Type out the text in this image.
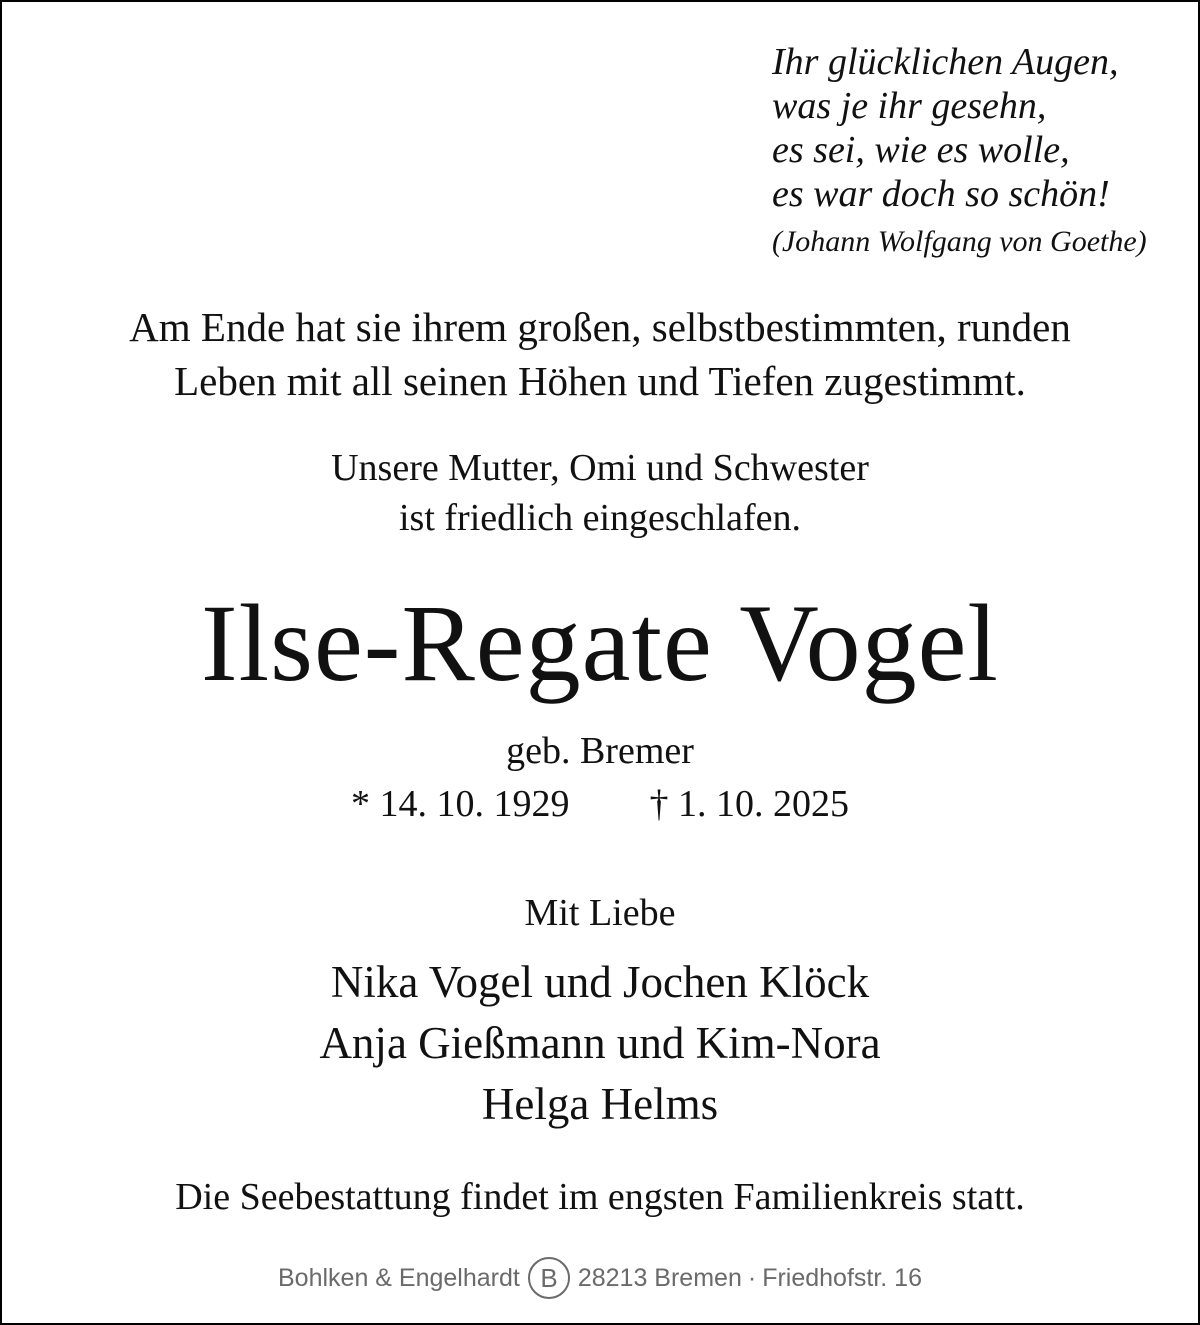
Ihr glücklichen Augen,
was je ihr gesehn,
es sei, wie es wolle,
es war doch so schön!
(Johann Wolfgang von Goethe)
Am Ende hat sie ihrem großen, selbstbestimmten, runden
Leben mit all seinen Höhen und Tiefen zugestimmt.
Unsere Mutter, Omi und Schwester
ist friedlich eingeschlafen.
Ilse-Regate Vogel
geb. Bremer
* 14. 10. 1929 † 1. 10. 2025
Mit Liebe
Nika Vogel und Jochen Klöck
Anja Gießmann und Kim-Nora
Helga Helms
Die Seebestattung findet im engsten Familienkreis statt.
Bohlken & Engelhardt B 28213 Bremen · Friedhofstr. 16
